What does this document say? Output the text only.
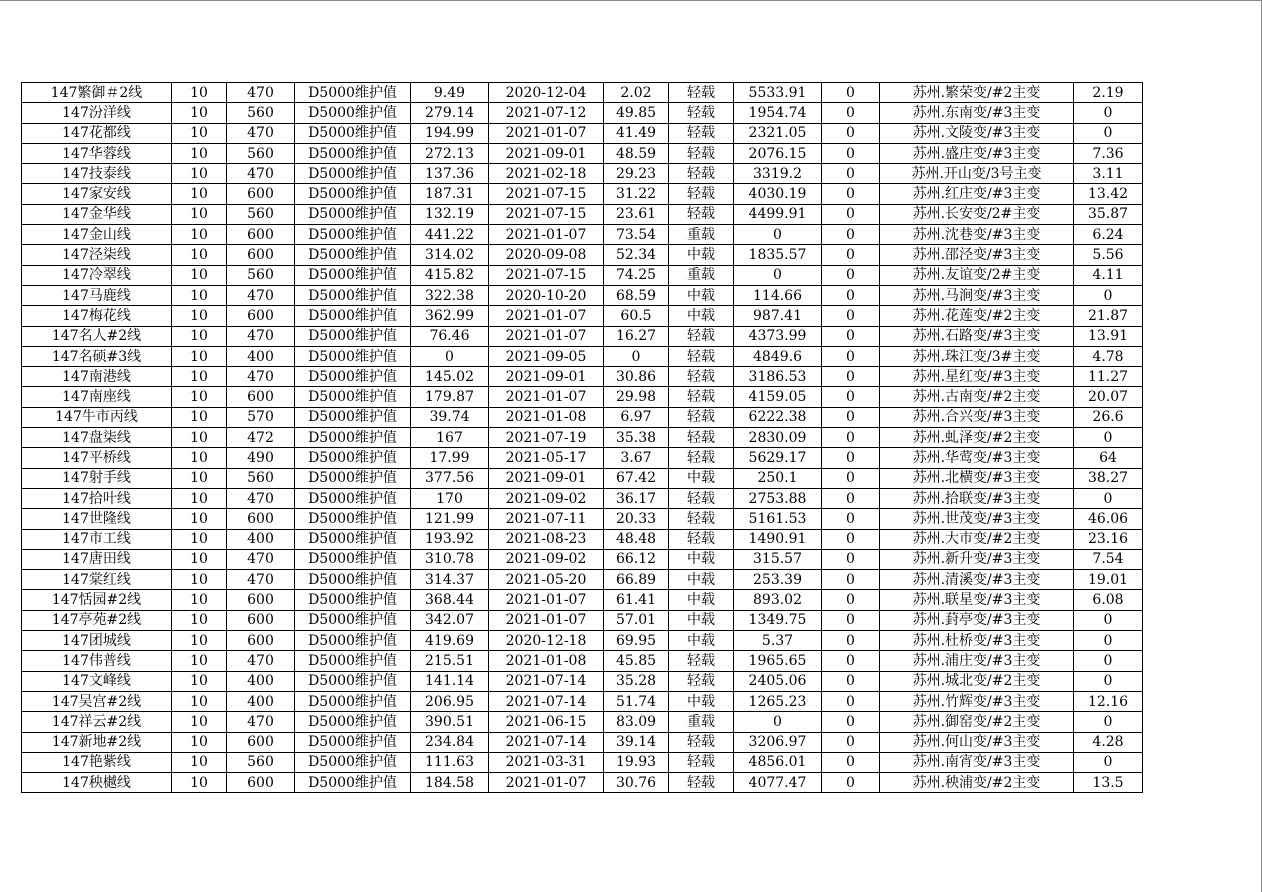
147繁御＃2线	10	470	D5000维护值	9.49	2020-12-04	2.02	轻载	5533.91	0	苏州.繁荣变/#2主变	2.19
147汾洋线	10	560	D5000维护值	279.14	2021-07-12	49.85	轻载	1954.74	0	苏州.东南变/#3主变	0
147花都线	10	470	D5000维护值	194.99	2021-01-07	41.49	轻载	2321.05	0	苏州.文陵变/#3主变	0
147华蓉线	10	560	D5000维护值	272.13	2021-09-01	48.59	轻载	2076.15	0	苏州.盛庄变/#3主变	7.36
147技泰线	10	470	D5000维护值	137.36	2021-02-18	29.23	轻载	3319.2	0	苏州.开山变/3号主变	3.11
147家安线	10	600	D5000维护值	187.31	2021-07-15	31.22	轻载	4030.19	0	苏州.红庄变/#3主变	13.42
147金华线	10	560	D5000维护值	132.19	2021-07-15	23.61	轻载	4499.91	0	苏州.长安变/2#主变	35.87
147金山线	10	600	D5000维护值	441.22	2021-01-07	73.54	重载	0	0	苏州.沈巷变/#3主变	6.24
147泾柒线	10	600	D5000维护值	314.02	2020-09-08	52.34	中载	1835.57	0	苏州.邵泾变/#3主变	5.56
147冷翠线	10	560	D5000维护值	415.82	2021-07-15	74.25	重载	0	0	苏州.友谊变/2#主变	4.11
147马鹿线	10	470	D5000维护值	322.38	2020-10-20	68.59	中载	114.66	0	苏州.马涧变/#3主变	0
147梅花线	10	600	D5000维护值	362.99	2021-01-07	60.5	中载	987.41	0	苏州.花莲变/#2主变	21.87
147名人#2线	10	470	D5000维护值	76.46	2021-01-07	16.27	轻载	4373.99	0	苏州.石路变/#3主变	13.91
147名硕#3线	10	400	D5000维护值	0	2021-09-05	0	轻载	4849.6	0	苏州.珠江变/3#主变	4.78
147南港线	10	470	D5000维护值	145.02	2021-09-01	30.86	轻载	3186.53	0	苏州.星红变/#3主变	11.27
147南座线	10	600	D5000维护值	179.87	2021-01-07	29.98	轻载	4159.05	0	苏州.古南变/#2主变	20.07
147牛市丙线	10	570	D5000维护值	39.74	2021-01-08	6.97	轻载	6222.38	0	苏州.合兴变/#3主变	26.6
147盘柒线	10	472	D5000维护值	167	2021-07-19	35.38	轻载	2830.09	0	苏州.虬泽变/#2主变	0
147平桥线	10	490	D5000维护值	17.99	2021-05-17	3.67	轻载	5629.17	0	苏州.华莺变/#3主变	64
147射手线	10	560	D5000维护值	377.56	2021-09-01	67.42	中载	250.1	0	苏州.北横变/#3主变	38.27
147拾叶线	10	470	D5000维护值	170	2021-09-02	36.17	轻载	2753.88	0	苏州.拾联变/#3主变	0
147世隆线	10	600	D5000维护值	121.99	2021-07-11	20.33	轻载	5161.53	0	苏州.世茂变/#3主变	46.06
147市工线	10	400	D5000维护值	193.92	2021-08-23	48.48	轻载	1490.91	0	苏州.大市变/#2主变	23.16
147唐田线	10	470	D5000维护值	310.78	2021-09-02	66.12	中载	315.57	0	苏州.新升变/#3主变	7.54
147棠红线	10	470	D5000维护值	314.37	2021-05-20	66.89	中载	253.39	0	苏州.清溪变/#3主变	19.01
147恬园#2线	10	600	D5000维护值	368.44	2021-01-07	61.41	中载	893.02	0	苏州.联星变/#3主变	6.08
147亭苑#2线	10	600	D5000维护值	342.07	2021-01-07	57.01	中载	1349.75	0	苏州.葑亭变/#3主变	0
147团城线	10	600	D5000维护值	419.69	2020-12-18	69.95	中载	5.37	0	苏州.杜桥变/#3主变	0
147伟普线	10	470	D5000维护值	215.51	2021-01-08	45.85	轻载	1965.65	0	苏州.浦庄变/#3主变	0
147文峰线	10	400	D5000维护值	141.14	2021-07-14	35.28	轻载	2405.06	0	苏州.城北变/#2主变	0
147吴宫#2线	10	400	D5000维护值	206.95	2021-07-14	51.74	中载	1265.23	0	苏州.竹辉变/#3主变	12.16
147祥云#2线	10	470	D5000维护值	390.51	2021-06-15	83.09	重载	0	0	苏州.御窑变/#2主变	0
147新地#2线	10	600	D5000维护值	234.84	2021-07-14	39.14	轻载	3206.97	0	苏州.何山变/#3主变	4.28
147艳紫线	10	560	D5000维护值	111.63	2021-03-31	19.93	轻载	4856.01	0	苏州.南宵变/#3主变	0
147秧樾线	10	600	D5000维护值	184.58	2021-01-07	30.76	轻载	4077.47	0	苏州.秧浦变/#2主变	13.5
